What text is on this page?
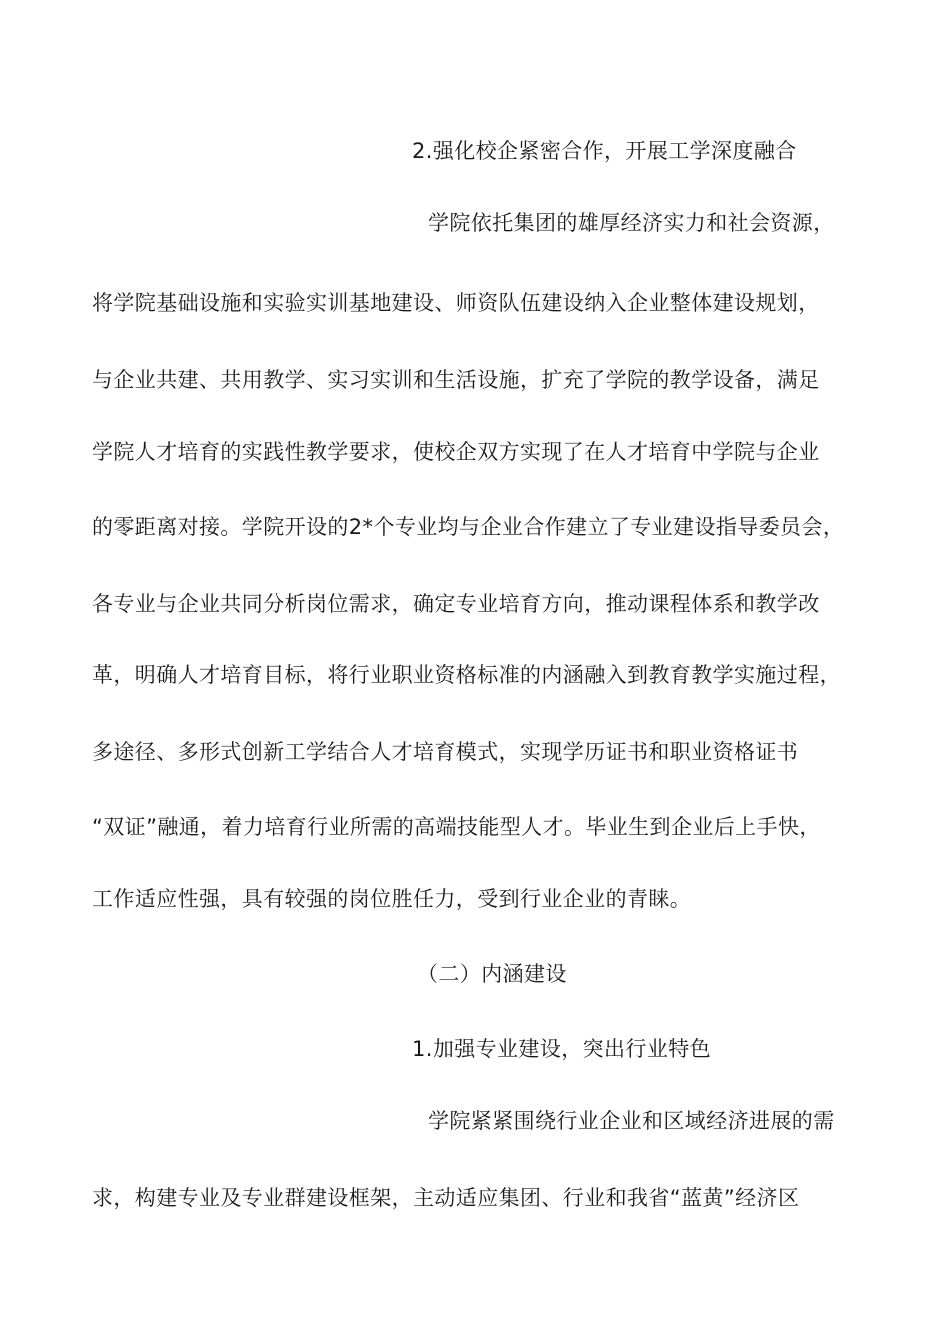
2.强化校企紧密合作，开展工学深度融合
学院依托集团的雄厚经济实力和社会资源，
将学院基础设施和实验实训基地建设、师资队伍建设纳入企业整体建设规划，
与企业共建、共用教学、实习实训和生活设施，扩充了学院的教学设备，满足
学院人才培育的实践性教学要求，使校企双方实现了在人才培育中学院与企业
的零距离对接。学院开设的2*个专业均与企业合作建立了专业建设指导委员会，
各专业与企业共同分析岗位需求，确定专业培育方向，推动课程体系和教学改
革，明确人才培育目标，将行业职业资格标准的内涵融入到教育教学实施过程，
多途径、多形式创新工学结合人才培育模式，实现学历证书和职业资格证书
“双证”融通，着力培育行业所需的高端技能型人才。毕业生到企业后上手快，
工作适应性强，具有较强的岗位胜任力，受到行业企业的青睐。
（二）内涵建设
1.加强专业建设，突出行业特色
学院紧紧围绕行业企业和区域经济进展的需
求，构建专业及专业群建设框架，主动适应集团、行业和我省“蓝黄”经济区
